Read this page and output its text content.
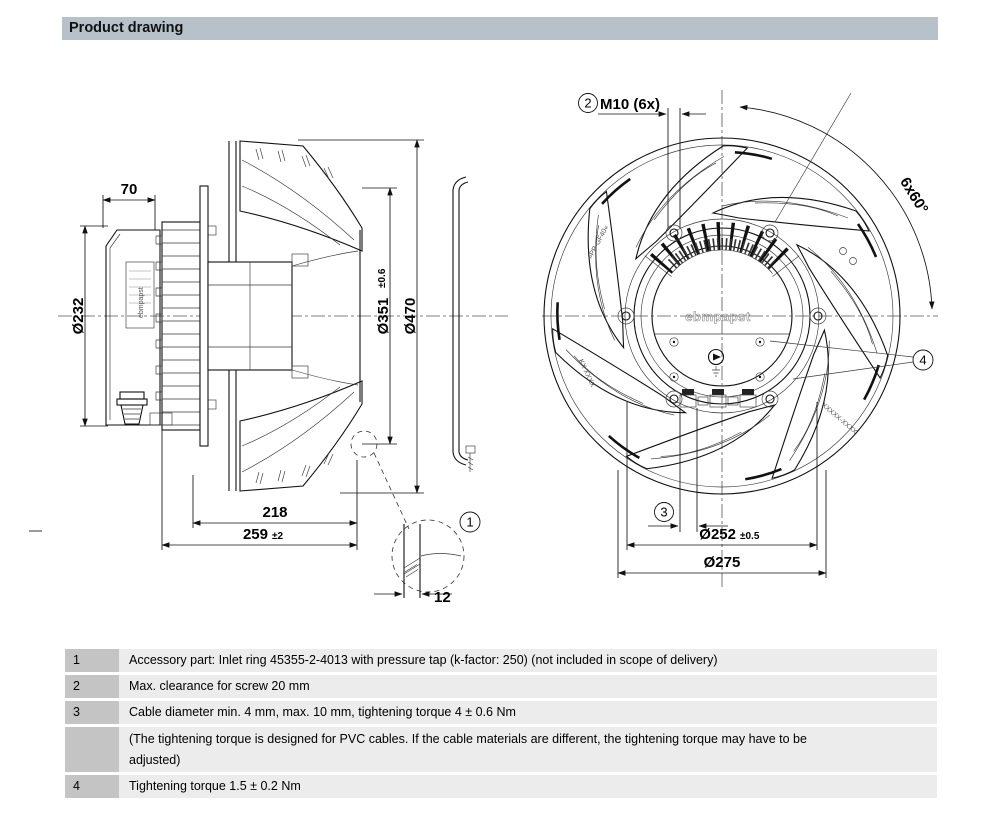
Product drawing
ebmpapst
12
1
70
Ø232	Ø351
±0.6
Ø470
218
259 ±2
»PP-GF40«
KX XXXX
XXXXX-XXXX
ebmpapst
2 M10 (6x)
6x60°
4
3
Ø252 ±0.5
Ø275
1	Accessory part: Inlet ring 45355-2-4013 with pressure tap (k-factor: 250) (not included in scope of delivery)
2	Max. clearance for screw 20 mm
3	Cable diameter min. 4 mm, max. 10 mm, tightening torque 4 ± 0.6 Nm
(The tightening torque is designed for PVC cables. If the cable materials are different, the tightening torque may have to be adjusted)
4	Tightening torque 1.5 ± 0.2 Nm
